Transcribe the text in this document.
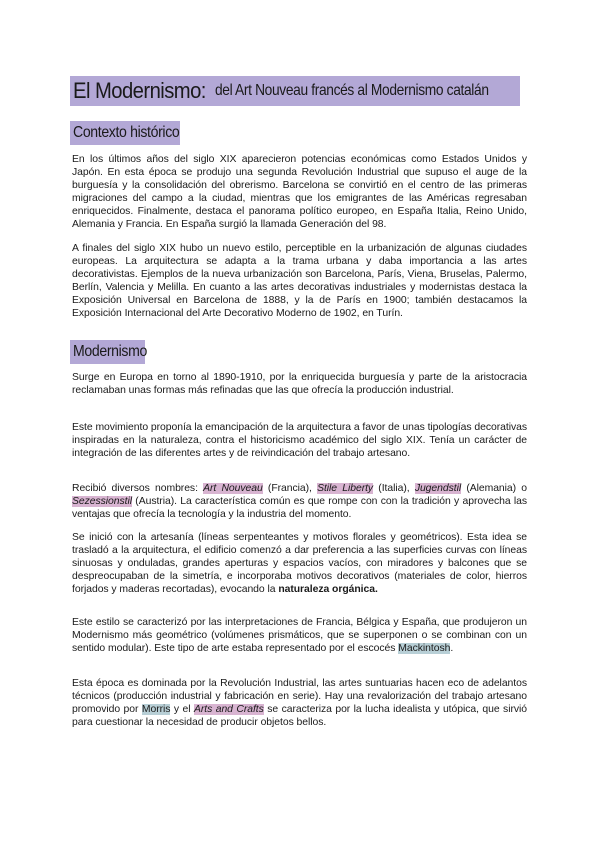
El Modernismo: del Art Nouveau francés al Modernismo catalán
Contexto histórico

En los últimos años del siglo XIX aparecieron potencias económicas como Estados Unidos y Japón. En esta época se produjo una segunda Revolución Industrial que supuso el auge de la burguesía y la consolidación del obrerismo. Barcelona se convirtió en el centro de las primeras migraciones del campo a la ciudad, mientras que los emigrantes de las Américas regresaban enriquecidos. Finalmente, destaca el panorama político europeo, en España Italia, Reino Unido, Alemania y Francia. En España surgió la llamada Generación del 98.

A finales del siglo XIX hubo un nuevo estilo, perceptible en la urbanización de algunas ciudades europeas. La arquitectura se adapta a la trama urbana y daba importancia a las artes decorativistas. Ejemplos de la nueva urbanización son Barcelona, París, Viena, Bruselas, Palermo, Berlín, Valencia y Melilla. En cuanto a las artes decorativas industriales y modernistas destaca la Exposición Universal en Barcelona de 1888, y la de París en 1900; también destacamos la Exposición Internacional del Arte Decorativo Moderno de 1902, en Turín.

Modernismo

Surge en Europa en torno al 1890-1910, por la enriquecida burguesía y parte de la aristocracia reclamaban unas formas más refinadas que las que ofrecía la producción industrial.

Este movimiento proponía la emancipación de la arquitectura a favor de unas tipologías decorativas inspiradas en la naturaleza, contra el historicismo académico del siglo XIX. Tenía un carácter de integración de las diferentes artes y de reivindicación del trabajo artesano.

Recibió diversos nombres: Art Nouveau (Francia), Stile Liberty (Italia), Jugendstil (Alemania) o Sezessionstil (Austria). La característica común es que rompe con con la tradición y aprovecha las ventajas que ofrecía la tecnología y la industria del momento.

Se inició con la artesanía (líneas serpenteantes y motivos florales y geométricos). Esta idea se trasladó a la arquitectura, el edificio comenzó a dar preferencia a las superficies curvas con líneas sinuosas y onduladas, grandes aperturas y espacios vacíos, con miradores y balcones que se despreocupaban de la simetría, e incorporaba motivos decorativos (materiales de color, hierros forjados y maderas recortadas), evocando la naturaleza orgánica.

Este estilo se caracterizó por las interpretaciones de Francia, Bélgica y España, que produjeron un Modernismo más geométrico (volúmenes prismáticos, que se superponen o se combinan con un sentido modular). Este tipo de arte estaba representado por el escocés Mackintosh.

Esta época es dominada por la Revolución Industrial, las artes suntuarias hacen eco de adelantos técnicos (producción industrial y fabricación en serie). Hay una revalorización del trabajo artesano promovido por Morris y el Arts and Crafts se caracteriza por la lucha idealista y utópica, que sirvió para cuestionar la necesidad de producir objetos bellos.
